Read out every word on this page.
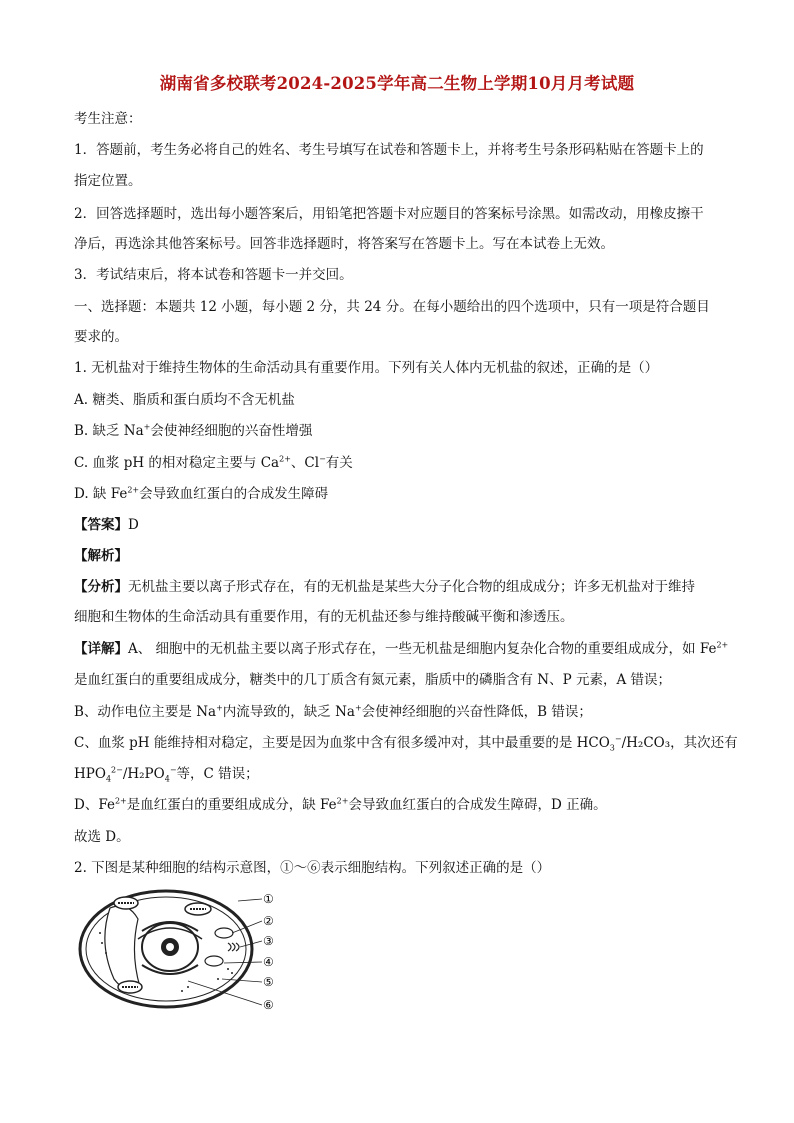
湖南省多校联考2024-2025学年高二生物上学期10月月考试题
考生注意：
1．答题前，考生务必将自己的姓名、考生号填写在试卷和答题卡上，并将考生号条形码粘贴在答题卡上的
指定位置。
2．回答选择题时，选出每小题答案后，用铅笔把答题卡对应题目的答案标号涂黑。如需改动，用橡皮擦干
净后，再选涂其他答案标号。回答非选择题时，将答案写在答题卡上。写在本试卷上无效。
3．考试结束后，将本试卷和答题卡一并交回。
一、选择题：本题共 12 小题，每小题 2 分，共 24 分。在每小题给出的四个选项中，只有一项是符合题目
要求的。
1. 无机盐对于维持生物体的生命活动具有重要作用。下列有关人体内无机盐的叙述，正确的是（）
A. 糖类、脂质和蛋白质均不含无机盐
B. 缺乏 Na+会使神经细胞的兴奋性增强
C. 血浆 pH 的相对稳定主要与 $Ca^{2+}$、Cl−有关
D. 缺 $Fe^{2+}$会导致血红蛋白的合成发生障碍
【答案】D
【解析】
【分析】无机盐主要以离子形式存在，有的无机盐是某些大分子化合物的组成成分；许多无机盐对于维持
细胞和生物体的生命活动具有重要作用，有的无机盐还参与维持酸碱平衡和渗透压。
【详解】A、 细胞中的无机盐主要以离子形式存在，一些无机盐是细胞内复杂化合物的重要组成成分，如 $Fe^{2+}$
是血红蛋白的重要组成成分，糖类中的几丁质含有氮元素，脂质中的磷脂含有 N、P 元素，A 错误；
B、动作电位主要是 Na+内流导致的，缺乏 Na+会使神经细胞的兴奋性降低，B 错误；
C、血浆 pH 能维持相对稳定，主要是因为血浆中含有很多缓冲对，其中最重要的是 $HCO_3^-$/H₂CO₃，其次还有
$HPO_4^{2-}/H_2PO_4^-$等，C 错误；
D、$Fe^{2+}$是血红蛋白的重要组成成分，缺 $Fe^{2+}$会导致血红蛋白的合成发生障碍，D 正确。
故选 D。
2. 下图是某种细胞的结构示意图，①～⑥表示细胞结构。下列叙述正确的是（）
①
②
③
④
⑤
⑥
